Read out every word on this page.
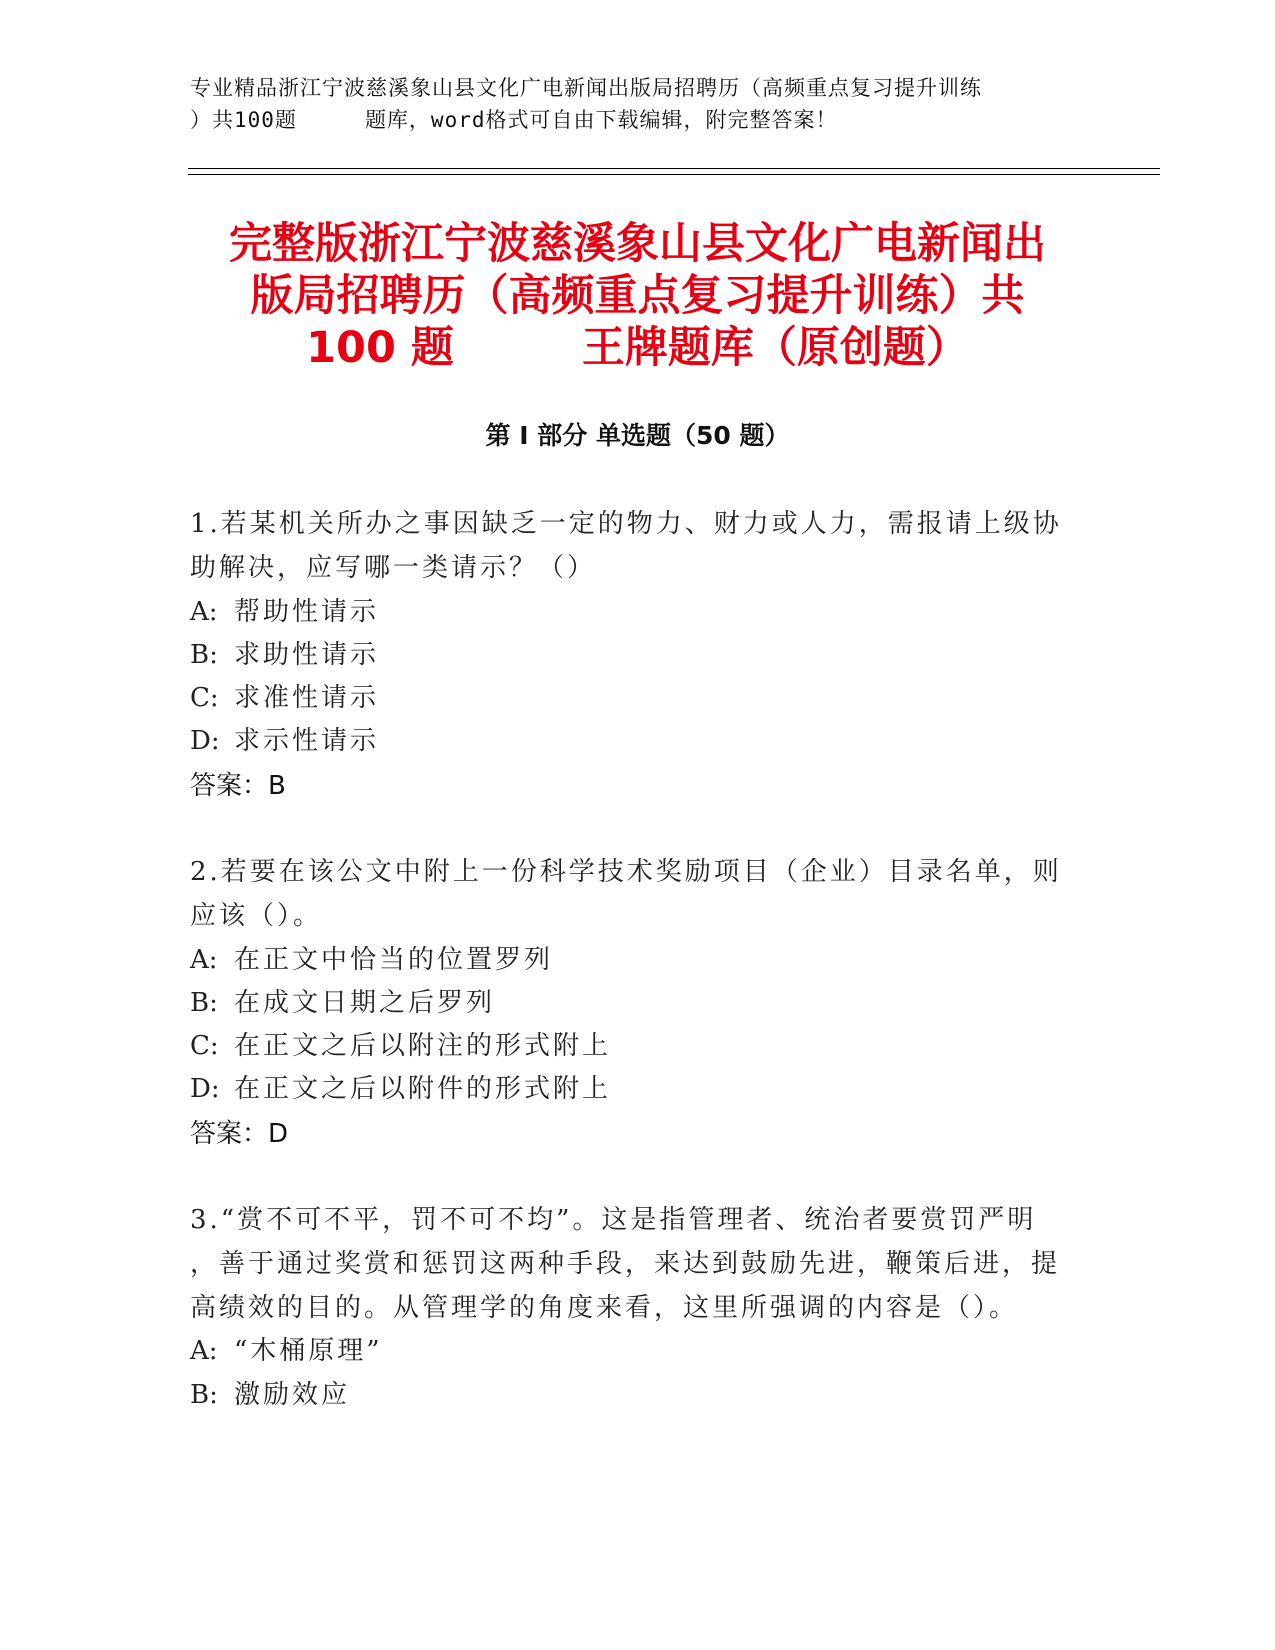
专业精品浙江宁波慈溪象山县文化广电新闻出版局招聘历（高频重点复习提升训练
）共100题	题库，word格式可自由下载编辑，附完整答案！
完整版浙江宁波慈溪象山县文化广电新闻出
版局招聘历（高频重点复习提升训练）共
100 题	王牌题库（原创题）
第 I 部分 单选题（50 题）
1.若某机关所办之事因缺乏一定的物力、财力或人力，需报请上级协
助解决，应写哪一类请示？（）
A: 帮助性请示
B: 求助性请示
C: 求准性请示
D: 求示性请示
答案：B
2.若要在该公文中附上一份科学技术奖励项目（企业）目录名单，则
应该（）。
A: 在正文中恰当的位置罗列
B: 在成文日期之后罗列
C: 在正文之后以附注的形式附上
D: 在正文之后以附件的形式附上
答案：D
3.“赏不可不平，罚不可不均”。这是指管理者、统治者要赏罚严明
，善于通过奖赏和惩罚这两种手段，来达到鼓励先进，鞭策后进，提
高绩效的目的。从管理学的角度来看，这里所强调的内容是（）。
A: “木桶原理”
B: 激励效应
